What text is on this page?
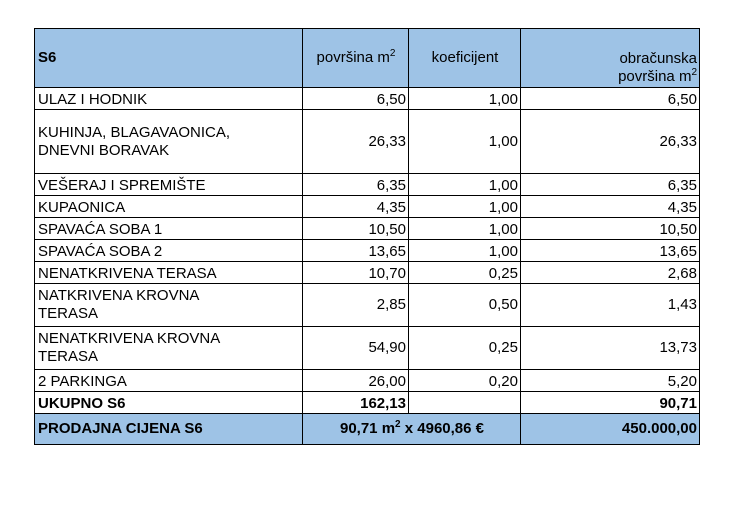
S6	površina $m^2$	koeficijent	obračunska
površina $m^2$

ULAZ I HODNIK	6,50	1,00	6,50

KUHINJA, BLAGAVAONICA,
DNEVNI BORAVAK	26,33	1,00	26,33
VEŠERAJ I SPREMIŠTE	6,35	1,00	6,35
KUPAONICA	4,35	1,00	4,35
SPAVAĆA SOBA 1	10,50	1,00	10,50
SPAVAĆA SOBA 2	13,65	1,00	13,65
NENATKRIVENA TERASA	10,70	0,25	2,68

NATKRIVENA KROVNA
TERASA	2,85	0,50	1,43

NENATKRIVENA KROVNA
TERASA	54,90	0,25	13,73
2 PARKINGA	26,00	0,20	5,20
UKUPNO S6	162,13		90,71
PRODAJNA CIJENA S6	90,71 $m^2$ x 4960,86 €		450.000,00
